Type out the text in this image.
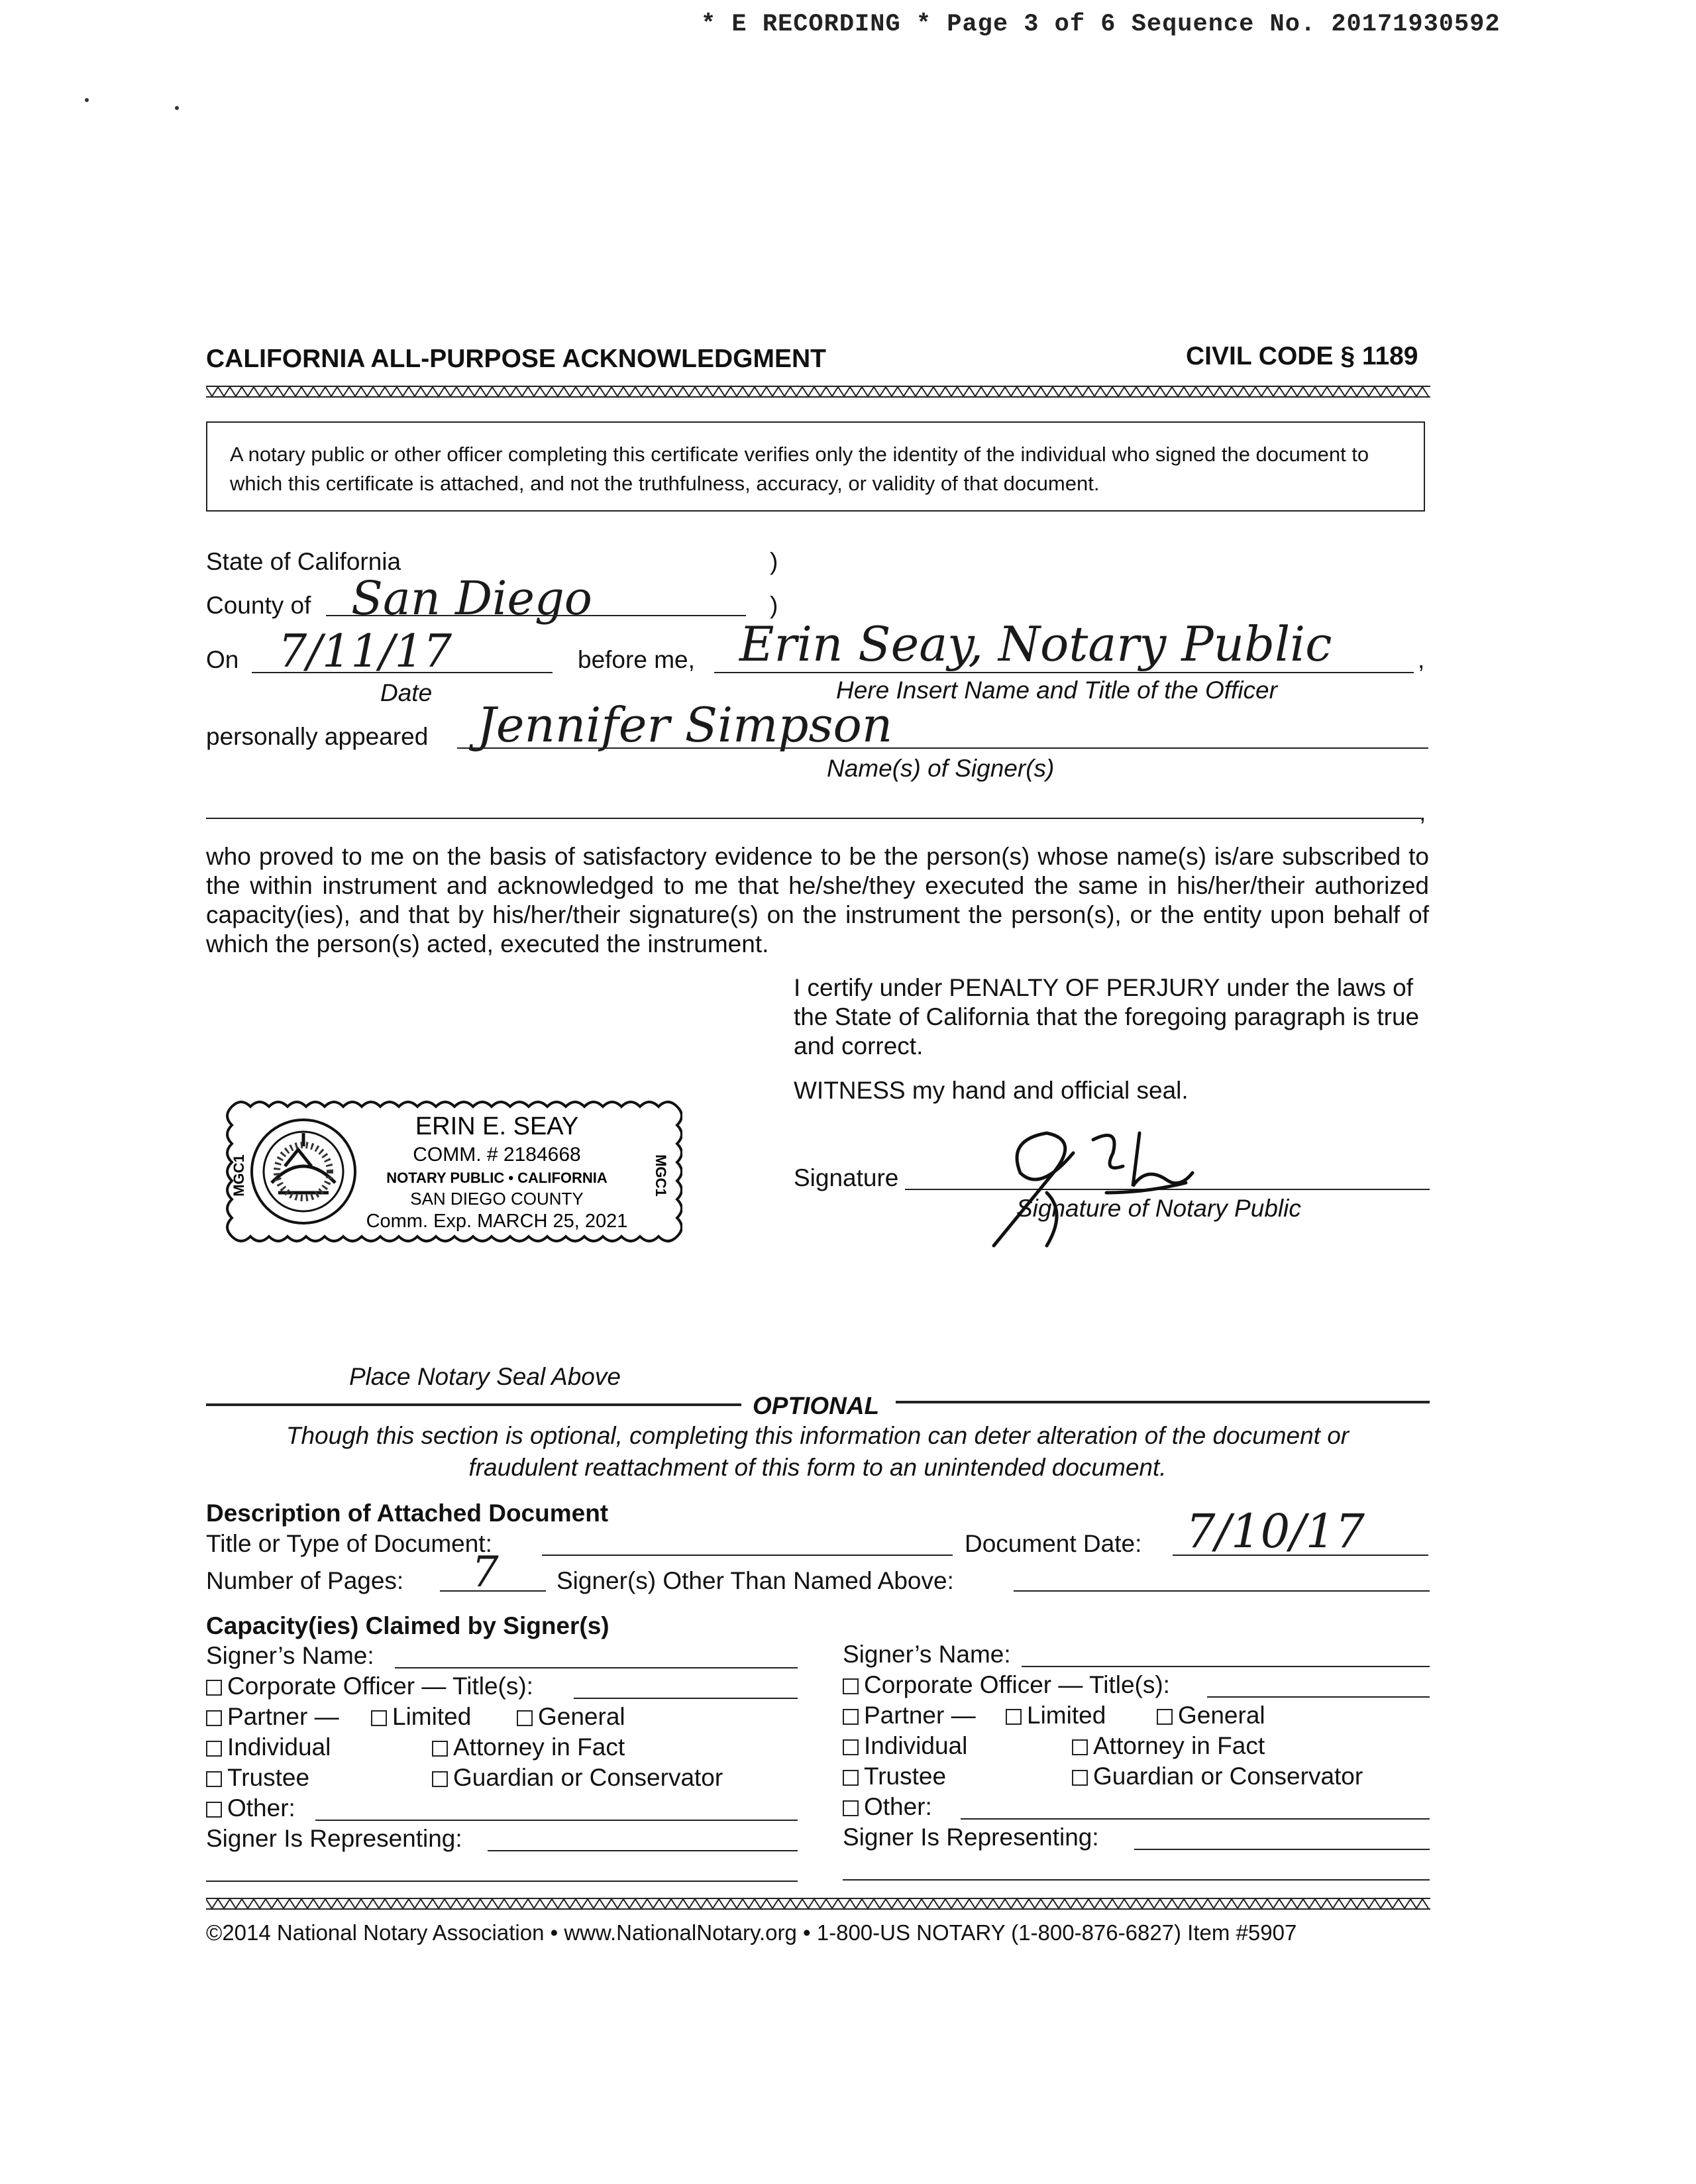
* E RECORDING * Page 3 of 6 Sequence No. 20171930592
CALIFORNIA ALL-PURPOSE ACKNOWLEDGMENT	CIVIL CODE § 1189

A notary public or other officer completing this certificate verifies only the identity of the individual who signed the document to which this certificate is attached, and not the truthfulness, accuracy, or validity of that document.

State of California	)
County of San Diego	)
On 7/11/17	before me, Erin Seay, Notary Public	,
Date	Here Insert Name and Title of the Officer
personally appeared Jennifer Simpson
Name(s) of Signer(s)
,
who proved to me on the basis of satisfactory evidence to be the person(s) whose name(s) is/are subscribed to the within instrument and acknowledged to me that he/she/they executed the same in his/her/their authorized capacity(ies), and that by his/her/their signature(s) on the instrument the person(s), or the entity upon behalf of which the person(s) acted, executed the instrument.
I certify under PENALTY OF PERJURY under the laws of the State of California that the foregoing paragraph is true and correct.
WITNESS my hand and official seal.
MGC1	MGC1
ERIN E. SEAY
COMM. # 2184668
NOTARY PUBLIC • CALIFORNIA
SAN DIEGO COUNTY
Comm. Exp. MARCH 25, 2021
Signature
Signature of Notary Public
Place Notary Seal Above
OPTIONAL
Though this section is optional, completing this information can deter alteration of the document or
fraudulent reattachment of this form to an unintended document.
Description of Attached Document
Title or Type of Document:	Document Date: 7/10/17
Number of Pages: 7 Signer(s) Other Than Named Above:
Capacity(ies) Claimed by Signer(s)
Signer’s Name:
Corporate Officer — Title(s):
Partner —	Limited	General
Individual	Attorney in Fact
Trustee	Guardian or Conservator
Other:
Signer Is Representing:
Signer’s Name:
Corporate Officer — Title(s):
Partner —	Limited	General
Individual	Attorney in Fact
Trustee	Guardian or Conservator
Other:
Signer Is Representing:
©2014 National Notary Association • www.NationalNotary.org • 1-800-US NOTARY (1-800-876-6827) Item #5907
